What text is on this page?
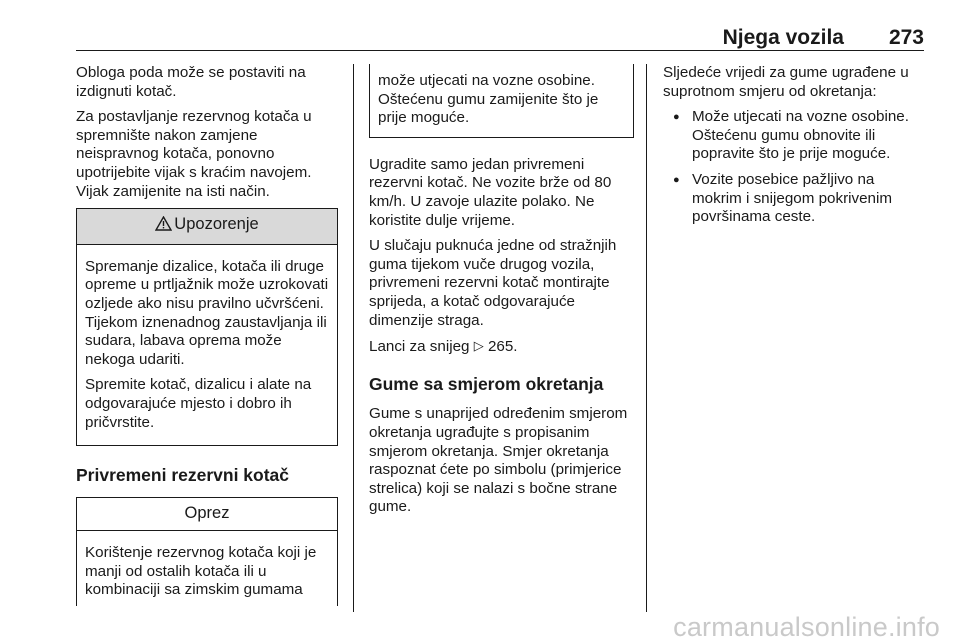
Njega vozila 273

Obloga poda može se postaviti na izdignuti kotač.

Za postavljanje rezervnog kotača u spremnište nakon zamjene neispravnog kotača, ponovno upotrijebite vijak s kraćim navojem. Vijak zamijenite na isti način.

Upozorenje

Spremanje dizalice, kotača ili druge opreme u prtljažnik može uzrokovati ozljede ako nisu pravilno učvršćeni. Tijekom iznenadnog zaustavljanja ili sudara, labava oprema može nekoga udariti.

Spremite kotač, dizalicu i alate na odgovarajuće mjesto i dobro ih pričvrstite.

Privremeni rezervni kotač
Oprez

Korištenje rezervnog kotača koji je manji od ostalih kotača ili u kombinaciji sa zimskim gumama

može utjecati na vozne osobine. Oštećenu gumu zamijenite što je prije moguće.

Ugradite samo jedan privremeni rezervni kotač. Ne vozite brže od 80 km/h. U zavoje ulazite polako. Ne koristite dulje vrijeme.

U slučaju puknuća jedne od stražnjih guma tijekom vuče drugog vozila, privremeni rezervni kotač montirajte sprijeda, a kotač odgovarajuće dimenzije straga.

Lanci za snijeg ▷ 265.

Gume sa smjerom okretanja

Gume s unaprijed određenim smjerom okretanja ugrađujte s propisanim smjerom okretanja. Smjer okretanja raspoznat ćete po simbolu (primjerice strelica) koji se nalazi s bočne strane gume.

Sljedeće vrijedi za gume ugrađene u suprotnom smjeru od okretanja:

● Može utjecati na vozne osobine. Oštećenu gumu obnovite ili popravite što je prije moguće.
● Vozite posebice pažljivo na mokrim i snijegom pokrivenim površinama ceste.
carmanualsonline.info
